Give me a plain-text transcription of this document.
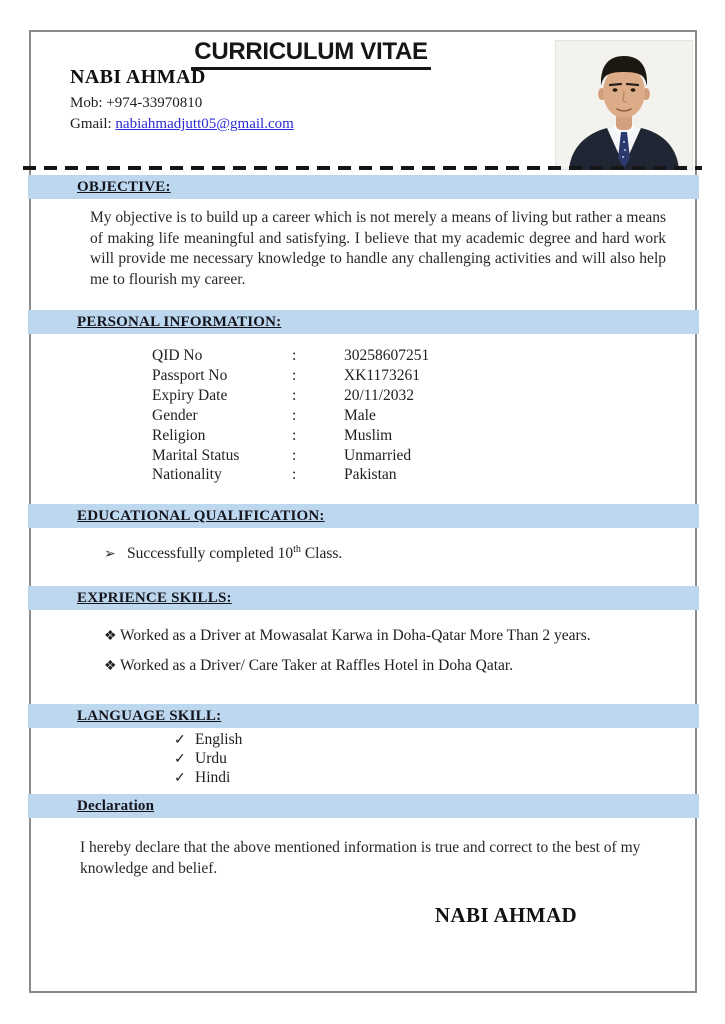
CURRICULUM VITAE
NABI AHMAD
Mob: +974-33970810
Gmail: nabiahmadjutt05@gmail.com
OBJECTIVE:
My objective is to build up a career which is not merely a means of living but rather a means of making life meaningful and satisfying. I believe that my academic degree and hard work will provide me necessary knowledge to handle any challenging activities and will also help me to flourish my career.
PERSONAL INFORMATION:
QID No	:	30258607251
Passport No	:	XK1173261
Expiry Date	:	20/11/2032
Gender	:	Male
Religion	:	Muslim
Marital Status	:	Unmarried
Nationality	:	Pakistan
EDUCATIONAL QUALIFICATION:
➢ Successfully completed 10th Class.
EXPRIENCE SKILLS:
❖ Worked as a Driver at Mowasalat Karwa in Doha-Qatar More Than 2 years.
❖ Worked as a Driver/ Care Taker at Raffles Hotel in Doha Qatar.
LANGUAGE SKILL:
✓ English
✓ Urdu
✓ Hindi
Declaration
I hereby declare that the above mentioned information is true and correct to the best of my knowledge and belief.
NABI AHMAD
